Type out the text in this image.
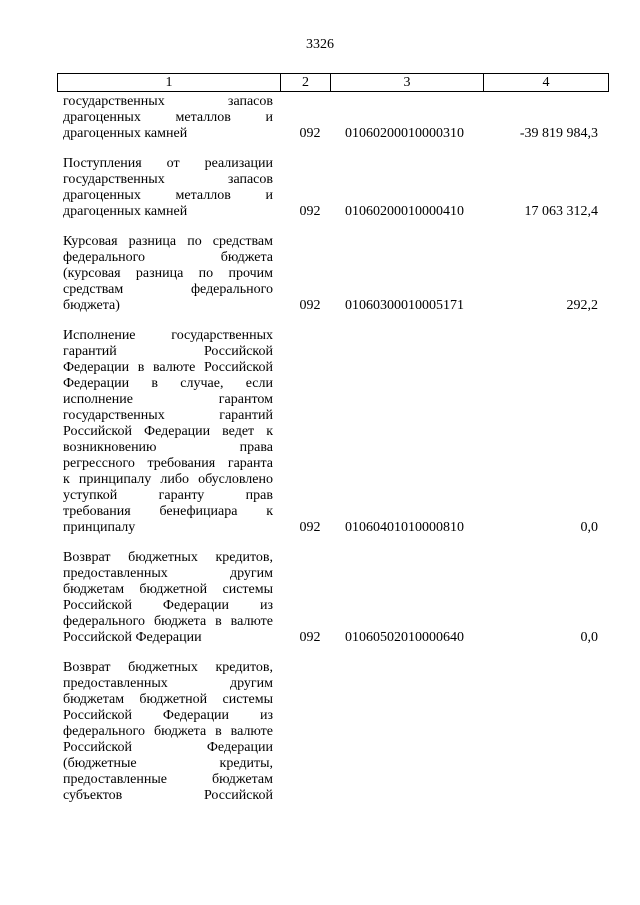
3326
1	2	3	4
государственных запасов
драгоценных металлов и
драгоценных камней	092	01060200010000310	-39 819 984,3
Поступления от реализации
государственных запасов
драгоценных металлов и
драгоценных камней	092	01060200010000410	17 063 312,4
Курсовая разница по средствам
федерального бюджета
(курсовая разница по прочим
средствам федерального
бюджета)	092	01060300010005171	292,2
Исполнение государственных
гарантий Российской
Федерации в валюте Российской
Федерации в случае, если
исполнение гарантом
государственных гарантий
Российской Федерации ведет к
возникновению права
регрессного требования гаранта
к принципалу либо обусловлено
уступкой гаранту прав
требования бенефициара к
принципалу	092	01060401010000810	0,0
Возврат бюджетных кредитов,
предоставленных другим
бюджетам бюджетной системы
Российской Федерации из
федерального бюджета в валюте
Российской Федерации	092	01060502010000640	0,0
Возврат бюджетных кредитов,
предоставленных другим
бюджетам бюджетной системы
Российской Федерации из
федерального бюджета в валюте
Российской Федерации
(бюджетные кредиты,
предоставленные бюджетам
субъектов Российской
